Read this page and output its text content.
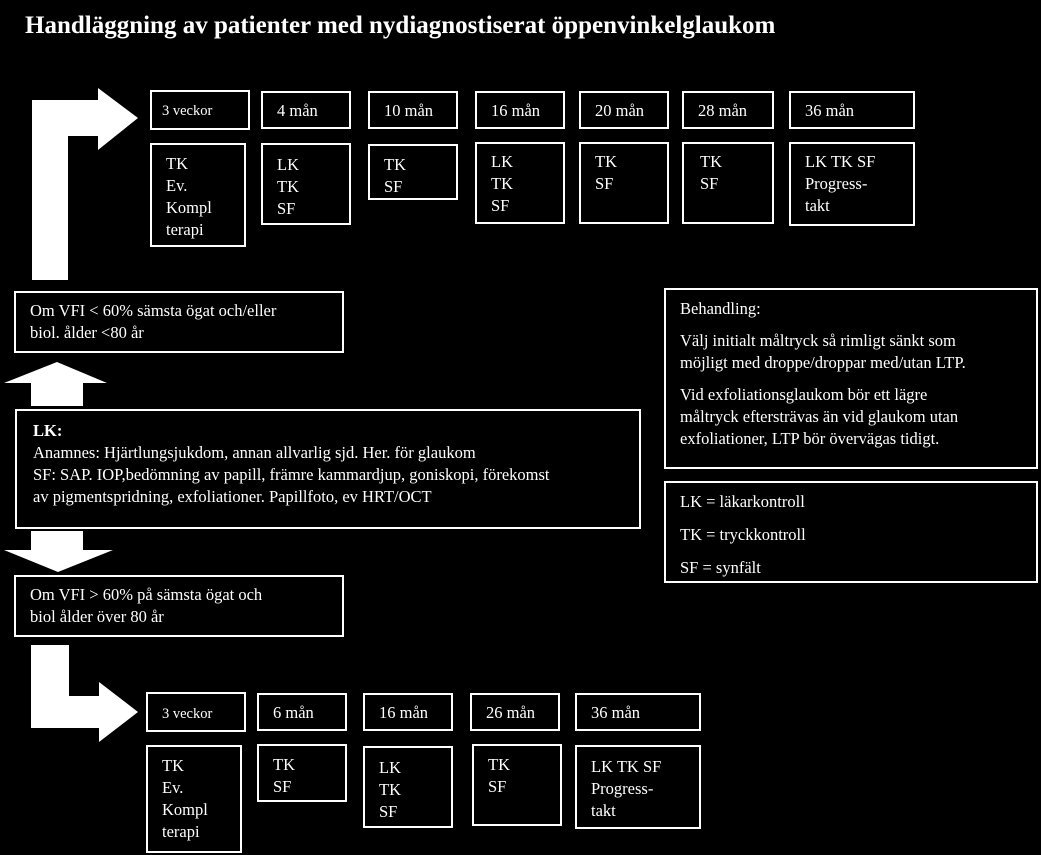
Handläggning av patienter med nydiagnostiserat öppenvinkelglaukom
3 veckor	4 mån	10 mån	16 mån	20 mån	28 mån	36 mån
TK
Ev.
Kompl
terapi
LK
TK
SF
TK
SF
LK
TK
SF
TK
SF
TK
SF
LK TK SF
Progress-
takt
Om VFI < 60% sämsta ögat och/eller
biol. ålder <80 år
LK:
Anamnes: Hjärtlungsjukdom, annan allvarlig sjd. Her. för glaukom
SF: SAP. IOP,bedömning av papill, främre kammardjup, goniskopi, förekomst
av pigmentspridning, exfoliationer. Papillfoto, ev HRT/OCT
Om VFI > 60% på sämsta ögat och
biol ålder över 80 år
Behandling:
Välj initialt måltryck så rimligt sänkt som
möjligt med droppe/droppar med/utan LTP.
Vid exfoliationsglaukom bör ett lägre
måltryck eftersträvas än vid glaukom utan
exfoliationer, LTP bör övervägas tidigt.
LK = läkarkontroll
TK = tryckkontroll
SF = synfält
3 veckor	6 mån	16 mån	26 mån	36 mån
TK
Ev.
Kompl
terapi
TK
SF
LK
TK
SF
TK
SF
LK TK SF
Progress-
takt
